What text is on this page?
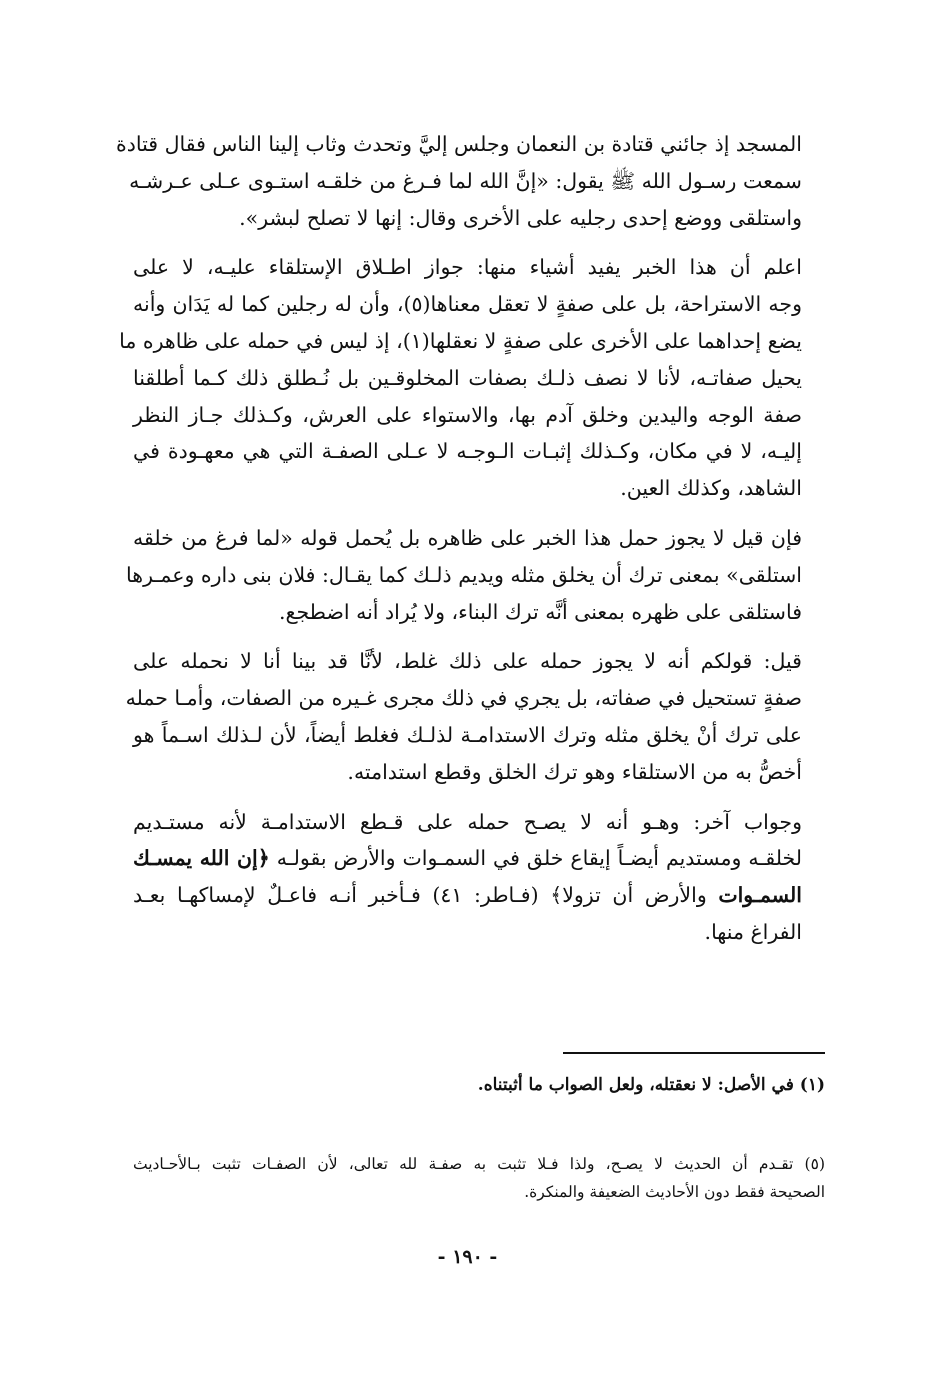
المسجد إذ جائني قتادة بن النعمان وجلس إليَّ وتحدث وثاب إلينا الناس فقال قتادة
سمعت رسـول الله ﷺ يقول: «إنَّ الله لما فـرغ من خلقـه استـوى عـلى عـرشـه
واستلقى ووضع إحدى رجليه على الأخرى وقال: إنها لا تصلح لبشر».

اعلم أن هذا الخبر يفيد أشياء منها: جواز اطـلاق الإستلقاء عليـه، لا على
وجه الاستراحة، بل على صفةٍ لا تعقل معناها(٥)، وأن له رجلين كما له يَدَان وأنه
يضع إحداهما على الأخرى على صفةٍ لا نعقلها(١)، إذ ليس في حمله على ظاهره ما
يحيل صفاتـه، لأنا لا نصف ذلـك بصفات المخلوقـين بل نُـطلق ذلك كـما أطلقنا
صفة الوجه واليدين وخلق آدم بها، والاستواء على العرش، وكـذلك جـاز النظر
إليـه، لا في مكان، وكـذلك إثبـات الـوجـه لا عـلى الصفـة التي هي معهـودة في
الشاهد، وكذلك العين.

فإن قيل لا يجوز حمل هذا الخبر على ظاهره بل يُحمل قوله «لما فرغ من خلقه
استلقى» بمعنى ترك أن يخلق مثله ويديم ذلـك كما يقـال: فلان بنى داره وعمـرها
فاستلقى على ظهره بمعنى أنَّه ترك البناء، ولا يُراد أنه اضطجع.

قيل: قولكم أنه لا يجوز حمله على ذلك غلط، لأنَّا قد بينا أنا لا نحمله على
صفةٍ تستحيل في صفاته، بل يجري في ذلك مجرى غـيره من الصفات، وأمـا حمله
على ترك أنْ يخلق مثله وترك الاستدامـة لذلـك فغلط أيضاً، لأن لـذلك اسـماً هو
أخصُّ به من الاستلقاء وهو ترك الخلق وقطع استدامته.

وجواب آخر: وهـو أنه لا يصـح حمله على قـطع الاستدامـة لأنه مستـديم
لخلقـه ومستديم أيضـاً إيقاع خلق في السمـوات والأرض بقولـه ﴿إن الله يمسـك
السمـوات والأرض أن تزولا﴾ (فـاطر: ٤١) فـأخبر أنـه فاعـلٌ لإمساكهـا بعـد
الفراغ منها.

(١) في الأصل: لا نعقتله، ولعل الصواب ما أثبتناه.
(٥) تقـدم أن الحديث لا يصـح، ولذا فـلا تثبت به صفـة لله تعالى، لأن الصفـات تثبت بـالأحـاديث
الصحيحة فقط دون الأحاديث الضعيفة والمنكرة.
- ١٩٠ -
